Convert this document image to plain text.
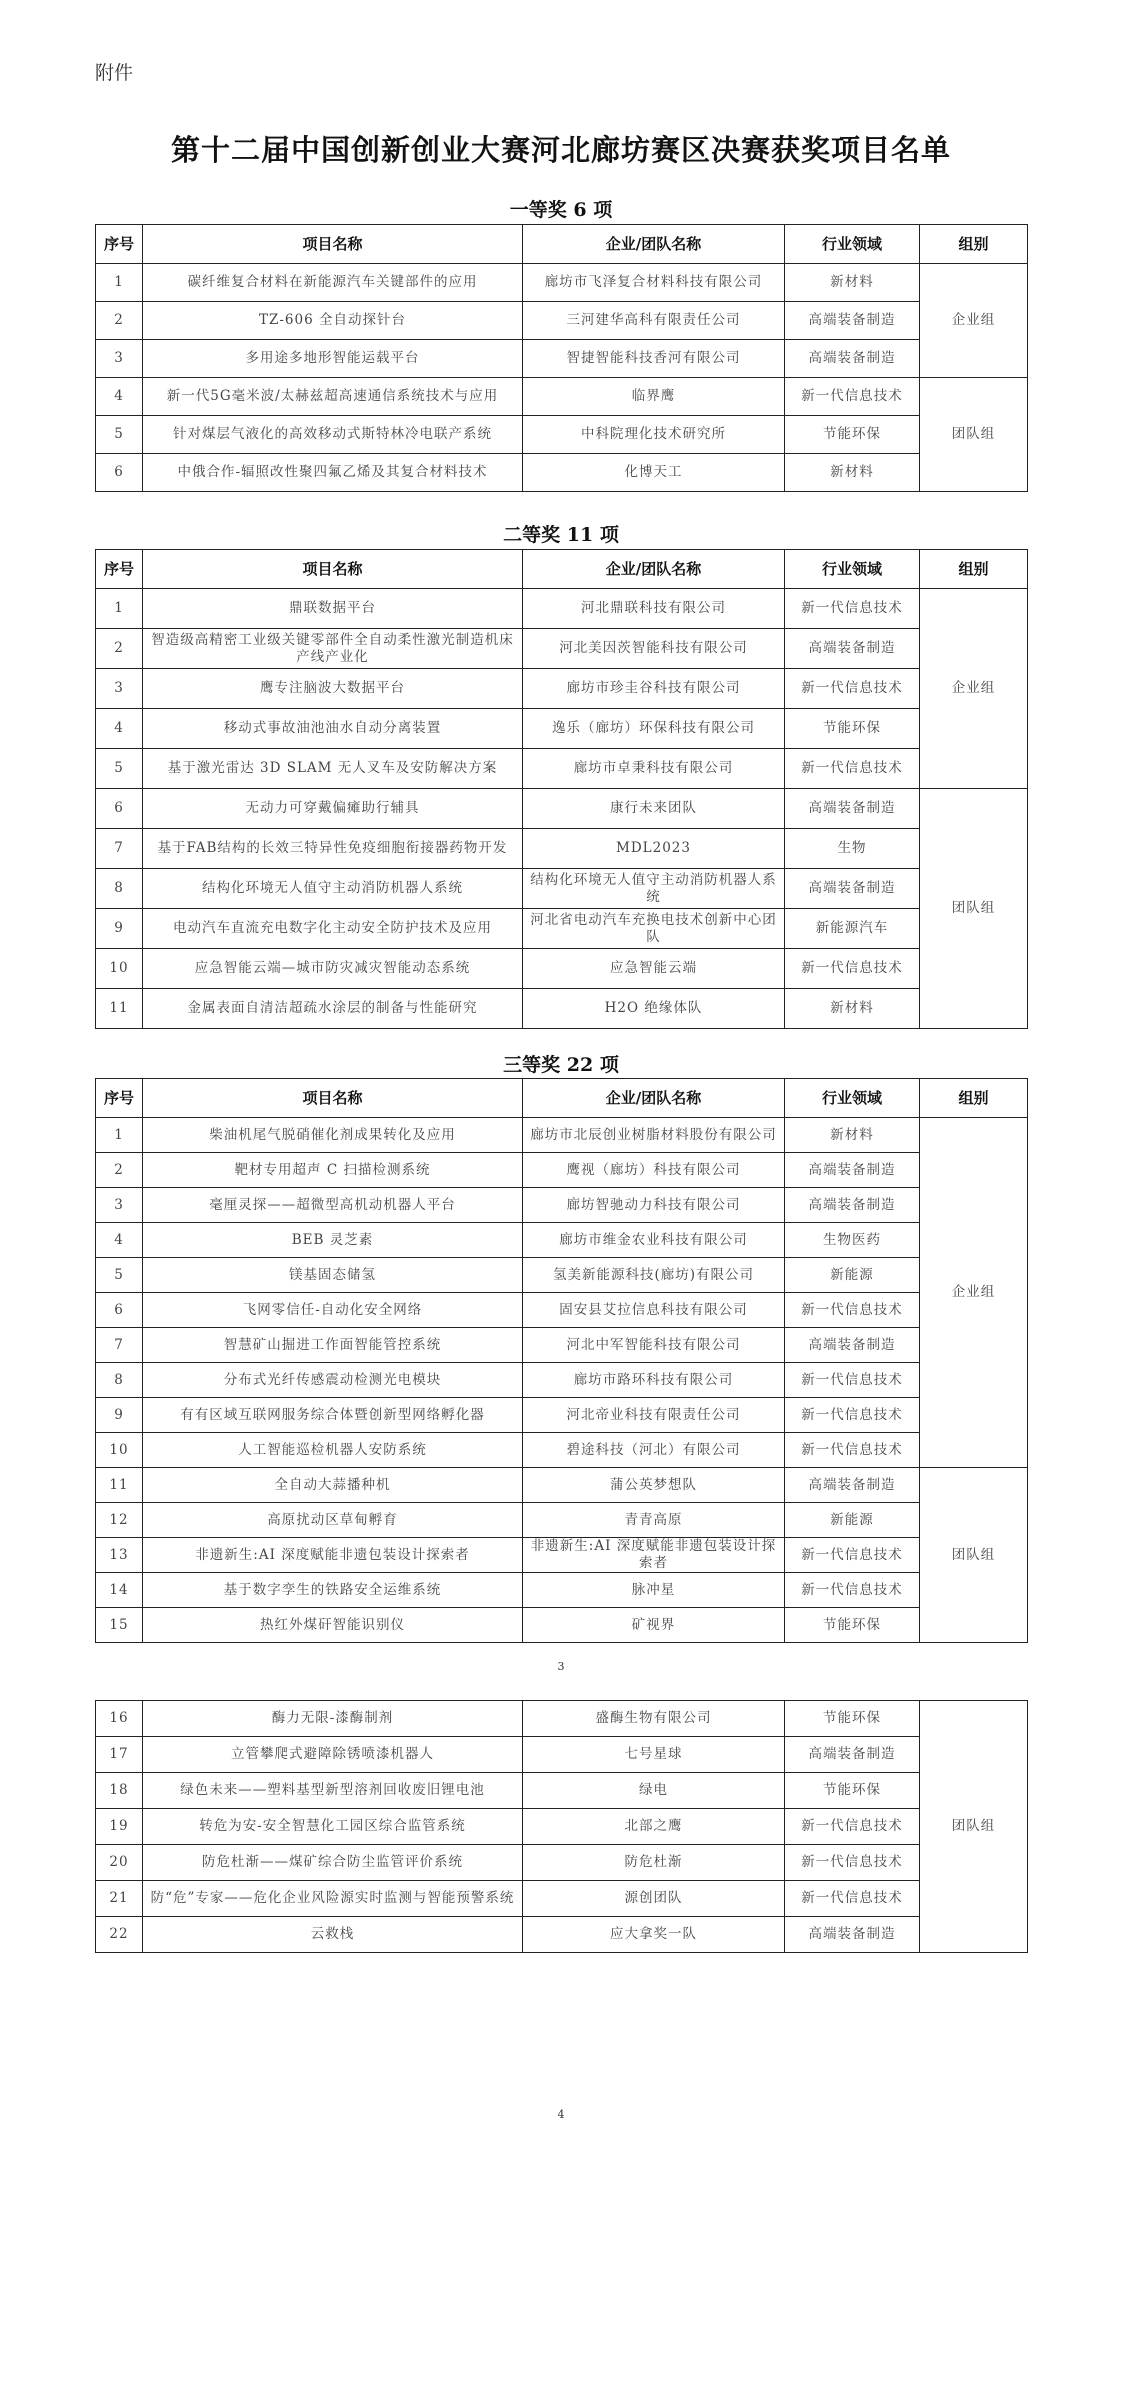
附件
第十二届中国创新创业大赛河北廊坊赛区决赛获奖项目名单
一等奖 6 项
序号	项目名称	企业/团队名称	行业领域	组别
1	碳纤维复合材料在新能源汽车关键部件的应用	廊坊市飞泽复合材料科技有限公司	新材料	企业组
2	TZ-606 全自动探针台	三河建华高科有限责任公司	高端装备制造	
3	多用途多地形智能运载平台	智捷智能科技香河有限公司	高端装备制造	
4	新一代5G毫米波/太赫兹超高速通信系统技术与应用	临界鹰	新一代信息技术	团队组
5	针对煤层气液化的高效移动式斯特林冷电联产系统	中科院理化技术研究所	节能环保	
6	中俄合作-辐照改性聚四氟乙烯及其复合材料技术	化博天工	新材料	
二等奖 11 项
序号	项目名称	企业/团队名称	行业领域	组别
1	鼎联数据平台	河北鼎联科技有限公司	新一代信息技术	企业组
2	智造级高精密工业级关键零部件全自动柔性激光制造机床产线产业化	河北美因茨智能科技有限公司	高端装备制造	
3	鹰专注脑波大数据平台	廊坊市珍圭谷科技有限公司	新一代信息技术	
4	移动式事故油池油水自动分离装置	逸乐（廊坊）环保科技有限公司	节能环保	
5	基于激光雷达 3D SLAM 无人叉车及安防解决方案	廊坊市卓秉科技有限公司	新一代信息技术	
6	无动力可穿戴偏瘫助行辅具	康行未来团队	高端装备制造	团队组
7	基于FAB结构的长效三特异性免疫细胞衔接器药物开发	MDL2023	生物	
8	结构化环境无人值守主动消防机器人系统	结构化环境无人值守主动消防机器人系统	高端装备制造	
9	电动汽车直流充电数字化主动安全防护技术及应用	河北省电动汽车充换电技术创新中心团队	新能源汽车	
10	应急智能云端—城市防灾减灾智能动态系统	应急智能云端	新一代信息技术	
11	金属表面自清洁超疏水涂层的制备与性能研究	H2O 绝缘体队	新材料	
三等奖 22 项
序号	项目名称	企业/团队名称	行业领域	组别
1	柴油机尾气脱硝催化剂成果转化及应用	廊坊市北辰创业树脂材料股份有限公司	新材料	企业组
2	靶材专用超声 C 扫描检测系统	鹰视（廊坊）科技有限公司	高端装备制造	
3	毫厘灵探——超微型高机动机器人平台	廊坊智驰动力科技有限公司	高端装备制造	
4	BEB 灵芝素	廊坊市维金农业科技有限公司	生物医药	
5	镁基固态储氢	氢美新能源科技(廊坊)有限公司	新能源	
6	飞网零信任-自动化安全网络	固安县艾拉信息科技有限公司	新一代信息技术	
7	智慧矿山掘进工作面智能管控系统	河北中军智能科技有限公司	高端装备制造	
8	分布式光纤传感震动检测光电模块	廊坊市路环科技有限公司	新一代信息技术	
9	有有区域互联网服务综合体暨创新型网络孵化器	河北帝业科技有限责任公司	新一代信息技术	
10	人工智能巡检机器人安防系统	碧途科技（河北）有限公司	新一代信息技术	
11	全自动大蒜播种机	蒲公英梦想队	高端装备制造	团队组
12	高原扰动区草甸孵育	青青高原	新能源	
13	非遗新生:AI 深度赋能非遗包装设计探索者	非遗新生:AI 深度赋能非遗包装设计探索者	新一代信息技术	
14	基于数字孪生的铁路安全运维系统	脉冲星	新一代信息技术	
15	热红外煤矸智能识别仪	矿视界	节能环保	
3
16	酶力无限-漆酶制剂	盛酶生物有限公司	节能环保	团队组
17	立管攀爬式避障除锈喷漆机器人	七号星球	高端装备制造	
18	绿色未来——塑料基型新型溶剂回收废旧锂电池	绿电	节能环保	
19	转危为安-安全智慧化工园区综合监管系统	北部之鹰	新一代信息技术	
20	防危杜渐——煤矿综合防尘监管评价系统	防危杜渐	新一代信息技术	
21	防“危”专家——危化企业风险源实时监测与智能预警系统	源创团队	新一代信息技术	
22	云救栈	应大拿奖一队	高端装备制造	
4
